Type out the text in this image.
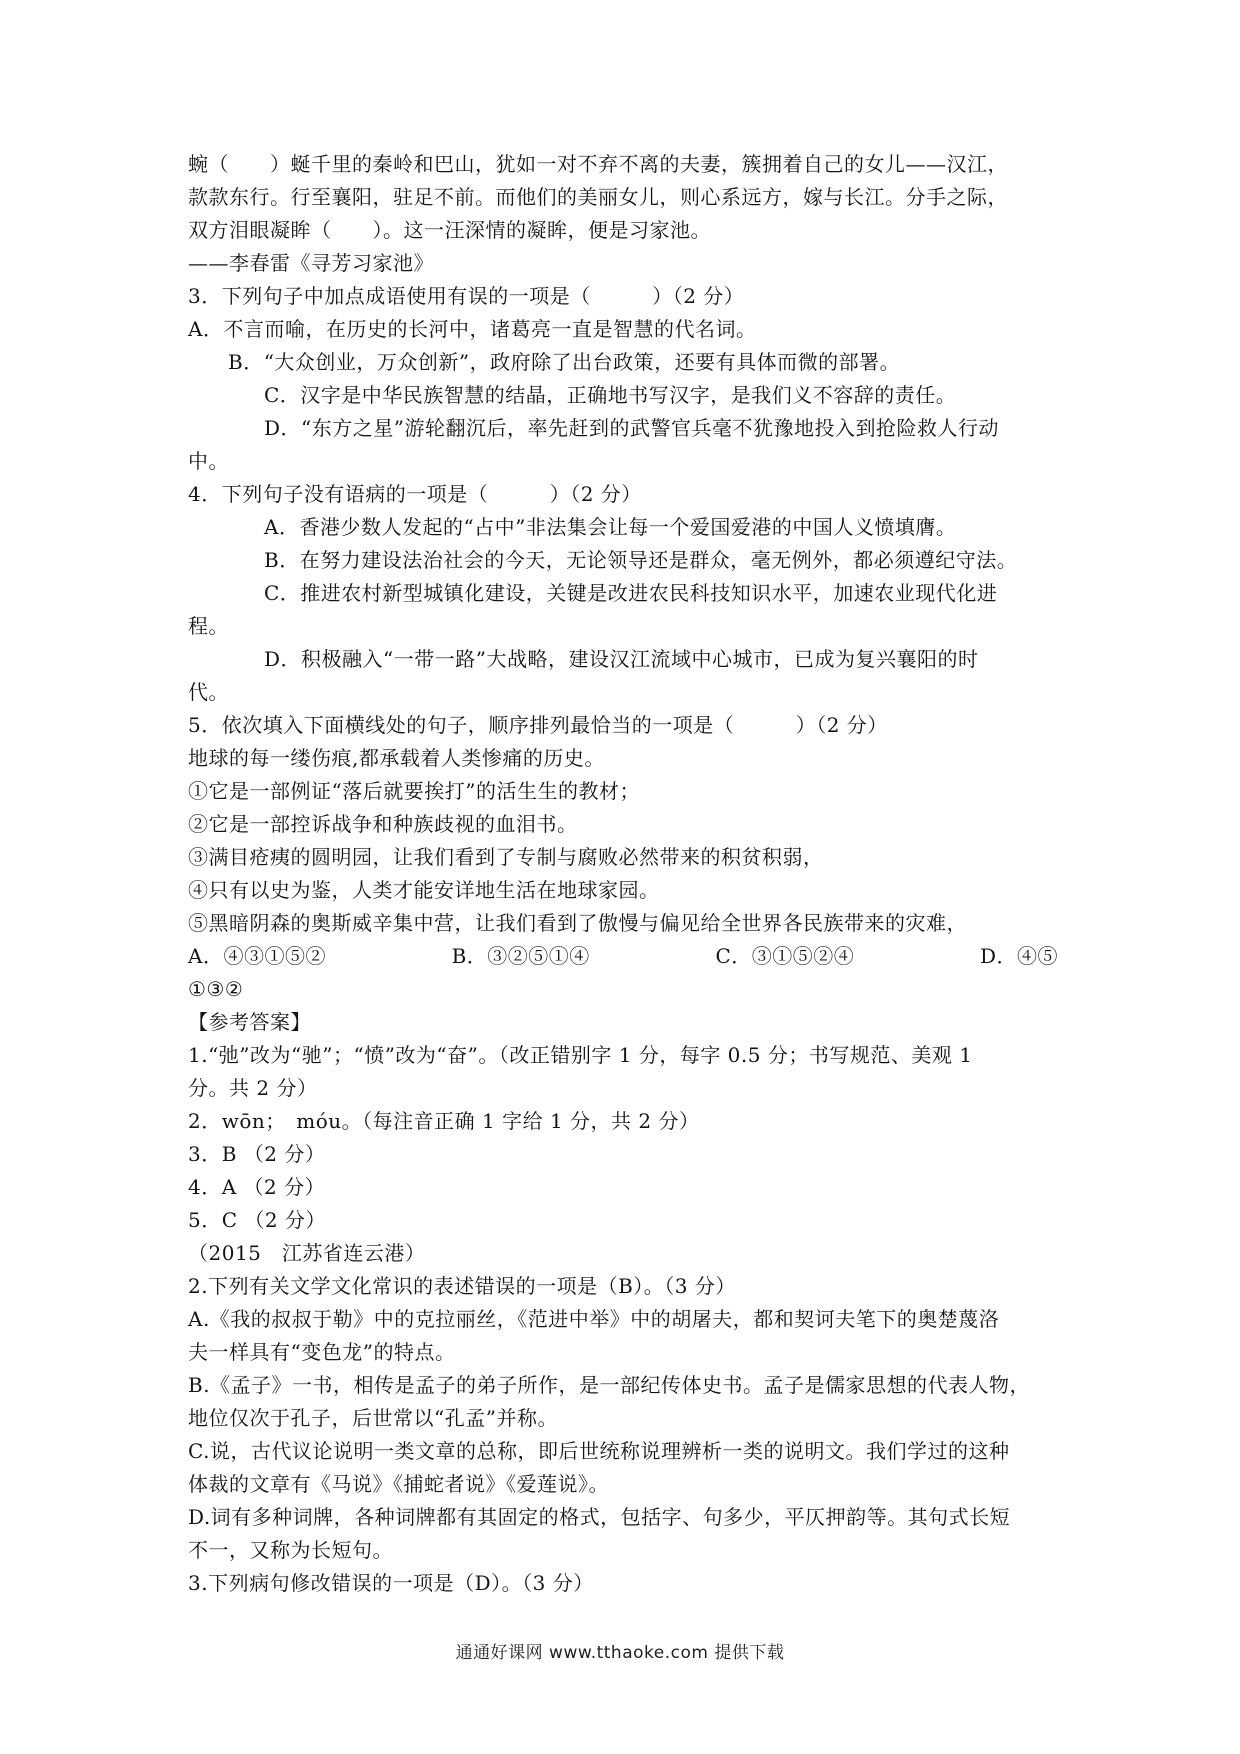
蜿（　　）蜒千里的秦岭和巴山，犹如一对不弃不离的夫妻，簇拥着自己的女儿——汉江，
款款东行。行至襄阳，驻足不前。而他们的美丽女儿，则心系远方，嫁与长江。分手之际，
双方泪眼凝眸（　　）。这一汪深情的凝眸，便是习家池。
——李春雷《寻芳习家池》
3．下列句子中加点成语使用有误的一项是（　　　）（2 分）
A．不言而喻，在历史的长河中，诸葛亮一直是智慧的代名词。
B．“大众创业，万众创新”，政府除了出台政策，还要有具体而微的部署。
C．汉字是中华民族智慧的结晶，正确地书写汉字，是我们义不容辞的责任。
D．“东方之星”游轮翻沉后，率先赶到的武警官兵毫不犹豫地投入到抢险救人行动
中。
4．下列句子没有语病的一项是（　　　）（2 分）
A．香港少数人发起的“占中”非法集会让每一个爱国爱港的中国人义愤填膺。
B．在努力建设法治社会的今天，无论领导还是群众，毫无例外，都必须遵纪守法。
C．推进农村新型城镇化建设，关键是改进农民科技知识水平，加速农业现代化进
程。
D．积极融入“一带一路”大战略，建设汉江流域中心城市，已成为复兴襄阳的时
代。
5．依次填入下面横线处的句子，顺序排列最恰当的一项是（　　　）（2 分）
地球的每一缕伤痕,都承载着人类惨痛的历史。
①它是一部例证“落后就要挨打”的活生生的教材；
②它是一部控诉战争和种族歧视的血泪书。
③满目疮痍的圆明园，让我们看到了专制与腐败必然带来的积贫积弱，
④只有以史为鉴，人类才能安详地生活在地球家园。
⑤黑暗阴森的奥斯威辛集中营，让我们看到了傲慢与偏见给全世界各民族带来的灾难，
A．④③①⑤②	B．③②⑤①④	C．③①⑤②④	D．④⑤
①③②
【参考答案】
1.“弛”改为“驰”；“愤”改为“奋”。（改正错别字 1 分，每字 0.5 分；书写规范、美观 1
分。共 2 分）
2．wōn；　móu。（每注音正确 1 字给 1 分，共 2 分）
3．B （2 分）
4．A （2 分）
5．C （2 分）
（2015　江苏省连云港）
2.下列有关文学文化常识的表述错误的一项是（B）。（3 分）
A.《我的叔叔于勒》中的克拉丽丝，《范进中举》中的胡屠夫，都和契诃夫笔下的奥楚蔑洛
夫一样具有“变色龙”的特点。
B.《孟子》一书，相传是孟子的弟子所作，是一部纪传体史书。孟子是儒家思想的代表人物，
地位仅次于孔子，后世常以“孔孟”并称。
C.说，古代议论说明一类文章的总称，即后世统称说理辨析一类的说明文。我们学过的这种
体裁的文章有《马说》《捕蛇者说》《爱莲说》。
D.词有多种词牌，各种词牌都有其固定的格式，包括字、句多少，平仄押韵等。其句式长短
不一，又称为长短句。
3.下列病句修改错误的一项是（D）。（3 分）
通通好课网 www.tthaoke.com 提供下载
